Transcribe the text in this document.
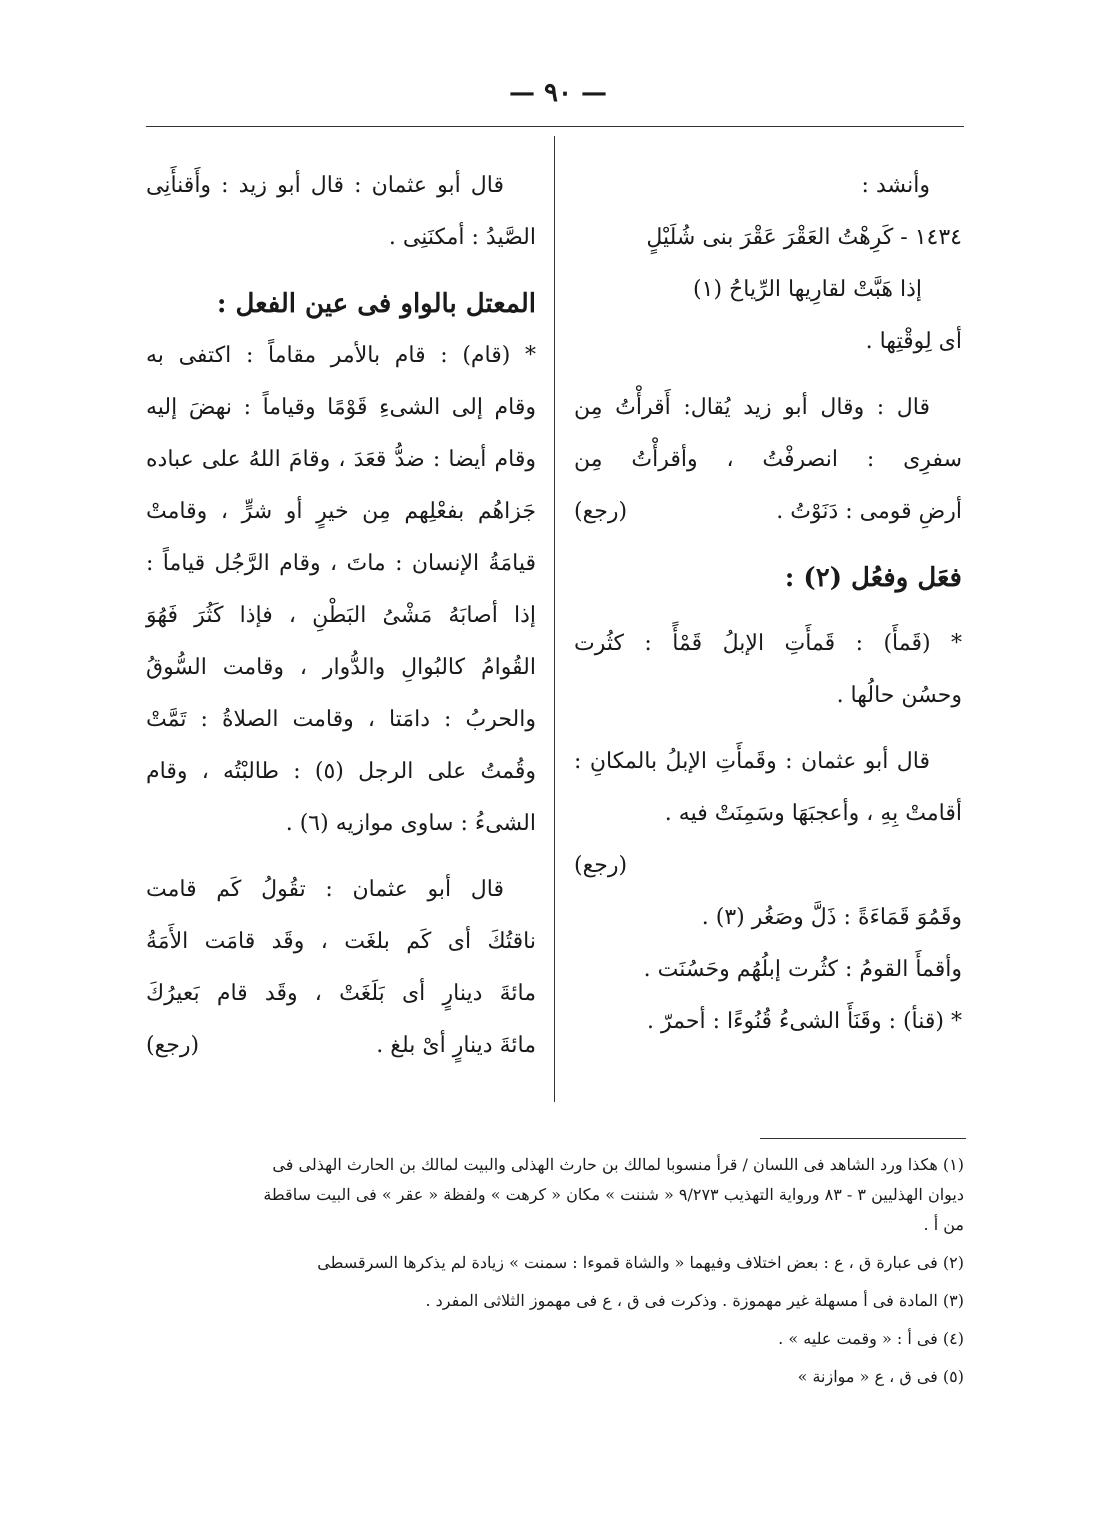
— ٩٠ —
وأنشد :
١٤٣٤ - كَرِهْتُ العَقْرَ عَقْرَ بنى شُلَيْلٍ
إذا هَبَّتْ لقارِيها الرِّياحُ (١)
أى لِوقْتِها .
قال : وقال أبو زيد يُقال: أَقرأْتُ مِن
سفرِى : انصرفْتُ ، وأقرأْتُ مِن
أرضِ قومى : دَنَوْتُ .
(رجع)
فعَل وفعُل (٢) :
* (قَمأَ) : قَمأَتِ الإبلُ قَمْأً : كثُرت
وحسُن حالُها .
قال أبو عثمان : وقَمأَتِ الإبلُ بالمكانِ :
أقامتْ بِهِ ، وأعجبَهَا وسَمِنَتْ فيه .
(رجع)
وقَمُوَ قَمَاءَةً : ذَلَّ وصَغُر (٣) .
وأقمأَ القومُ : كثُرت إبلُهُم وحَسُنَت .
* (قنأ) : وقَنَأَ الشىءُ قُنُوءًا : أحمرّ .
قال أبو عثمان : قال أبو زيد : وأَقنأَنِى
الصَّيدُ : أمكنَنِى .
المعتل بالواو فى عين الفعل :
* (قام) : قام بالأمر مقاماً : اكتفى به
وقام إلى الشىءِ قَوْمًا وقياماً : نهضَ إليه
وقام أيضا : ضدُّ قعَدَ ، وقامَ اللهُ على عباده
جَزاهُم بفعْلِهم مِن خيرٍ أو شرٍّ ، وقامتْ
قيامَةُ الإنسان : ماتَ ، وقام الرَّجُل قياماً :
إذا أصابَهُ مَشْىُ البَطْنِ ، فإذا كَثُرَ فَهُوَ
القُوامُ كالبُوالِ والدُّوار ، وقامت السُّوقُ
والحربُ : دامَتا ، وقامت الصلاةُ : تَمَّتْ
وقُمتُ على الرجل (٥) : طالبْتُه ، وقام
الشىءُ : ساوى موازيه (٦) .
قال أبو عثمان : تقُولُ كَم قامت
ناقتُكَ أى كَم بلغَت ، وقَد قامَت الأَمَةُ
مائةَ دينارٍ أى بَلَغَتْ ، وقَد قام بَعيرُكَ
مائةَ دينارٍ أىْ بلغ .
(رجع)
(١) هكذا ورد الشاهد فى اللسان / قرأ منسوبا لمالك بن حارث الهذلى والبيت لمالك بن الحارث الهذلى فى
ديوان الهذليين ٣ - ٨٣ ورواية التهذيب ٩/٢٧٣ « شننت » مكان « كرهت » ولفظة « عقر » فى البيت ساقطة
من أ .
(٢) فى عبارة ق ، ع : بعض اختلاف وفيهما « والشاة قموءا : سمنت » زيادة لم يذكرها السرقسطى
(٣) المادة فى أ مسهلة غير مهموزة . وذكرت فى ق ، ع فى مهموز الثلاثى المفرد .
(٤) فى أ : « وقمت عليه » .
(٥) فى ق ، ع « موازنة »
